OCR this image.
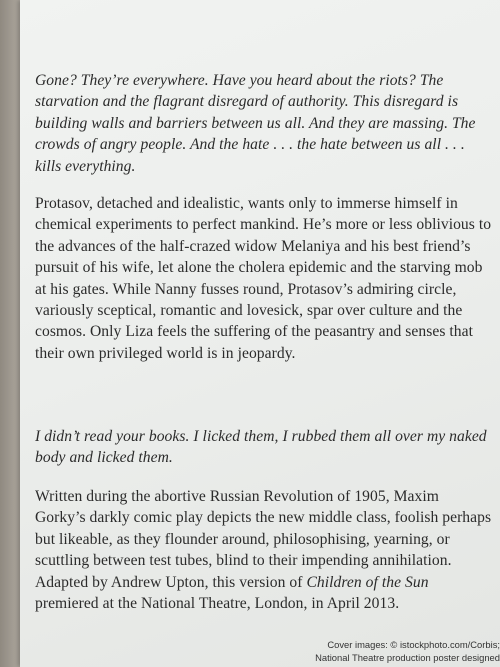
Gone? They’re everywhere. Have you heard about the riots? The starvation and the flagrant disregard of authority. This disregard is building walls and barriers between us all. And they are massing. The crowds of angry people. And the hate . . . the hate between us all . . . kills everything.

Protasov, detached and idealistic, wants only to immerse himself in chemical experiments to perfect mankind. He’s more or less oblivious to the advances of the half-crazed widow Melaniya and his best friend’s pursuit of his wife, let alone the cholera epidemic and the starving mob at his gates. While Nanny fusses round, Protasov’s admiring circle, variously sceptical, romantic and lovesick, spar over culture and the cosmos. Only Liza feels the suffering of the peasantry and senses that their own privileged world is in jeopardy.

I didn’t read your books. I licked them, I rubbed them all over my naked body and licked them.

Written during the abortive Russian Revolution of 1905, Maxim Gorky’s darkly comic play depicts the new middle class, foolish perhaps but likeable, as they flounder around, philosophising, yearning, or scuttling between test tubes, blind to their impending annihilation. Adapted by Andrew Upton, this version of Children of the Sun premiered at the National Theatre, London, in April 2013.

Cover images: © istockphoto.com/Corbis;
National Theatre production poster designed
